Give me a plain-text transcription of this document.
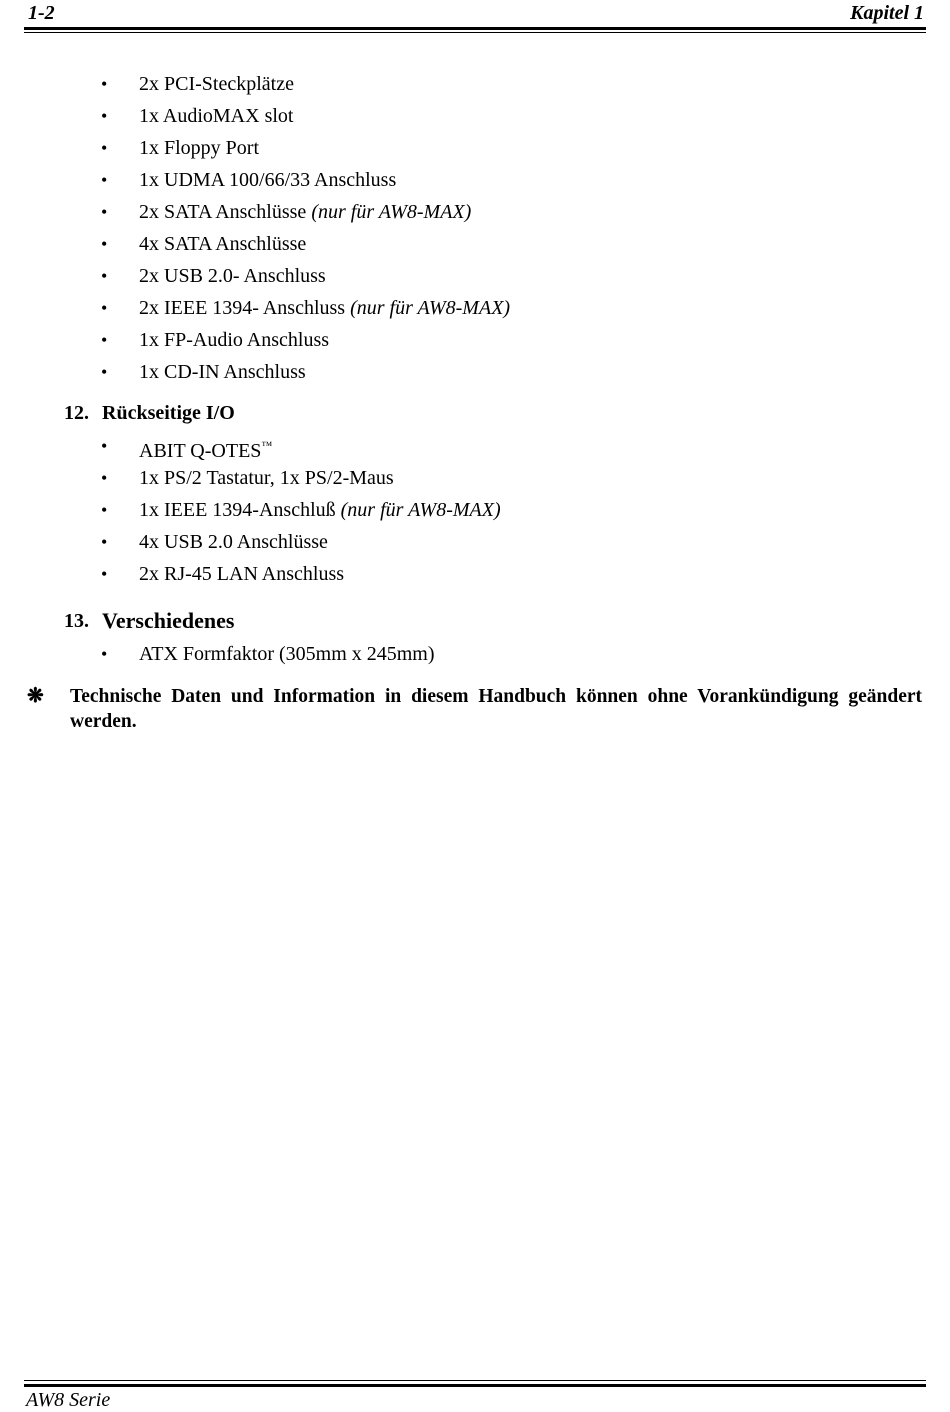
1-2	Kapitel 1
• 2x PCI-Steckplätze
• 1x AudioMAX slot
• 1x Floppy Port
• 1x UDMA 100/66/33 Anschluss
• 2x SATA Anschlüsse (nur für AW8-MAX)
• 4x SATA Anschlüsse
• 2x USB 2.0- Anschluss
• 2x IEEE 1394- Anschluss (nur für AW8-MAX)
• 1x FP-Audio Anschluss
• 1x CD-IN Anschluss
12. Rückseitige I/O
• ABIT Q-OTES™
• 1x PS/2 Tastatur, 1x PS/2-Maus
• 1x IEEE 1394-Anschluß (nur für AW8-MAX)
• 4x USB 2.0 Anschlüsse
• 2x RJ-45 LAN Anschluss
13. Verschiedenes
• ATX Formfaktor (305mm x 245mm)
❋ Technische Daten und Information in diesem Handbuch können ohne Vorankündigung geändert werden.
AW8 Serie
